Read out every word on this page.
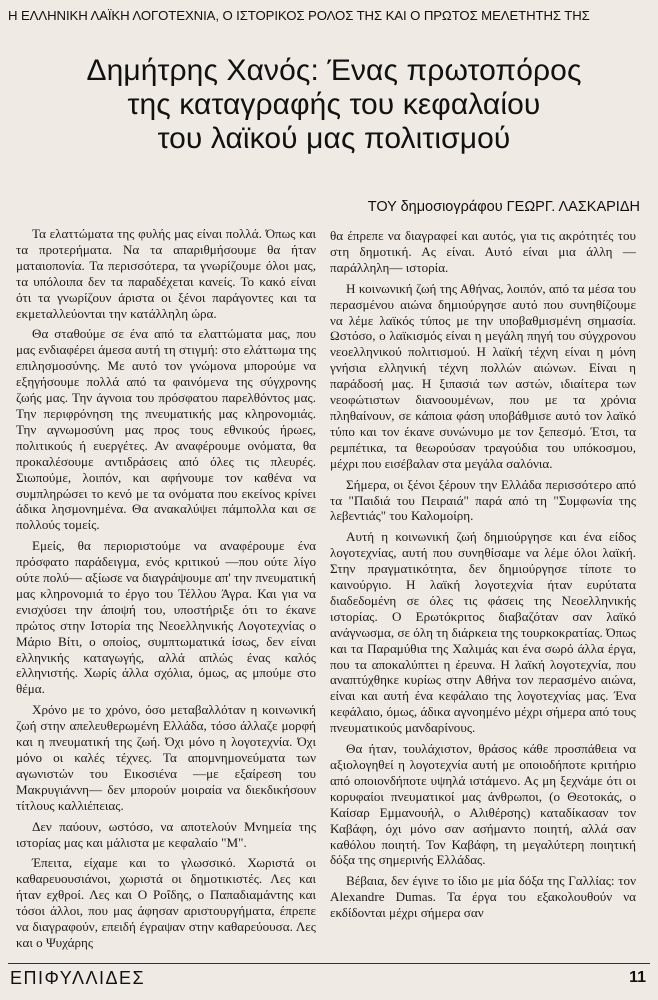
Η ΕΛΛΗΝΙΚΗ ΛΑΪΚΗ ΛΟΓΟΤΕΧΝΙΑ, Ο ΙΣΤΟΡΙΚΟΣ ΡΟΛΟΣ ΤΗΣ ΚΑΙ Ο ΠΡΩΤΟΣ ΜΕΛΕΤΗΤΗΣ ΤΗΣ
Δημήτρης Χανός: Ένας πρωτοπόρος
της καταγραφής του κεφαλαίου
του λαϊκού μας πολιτισμού
ΤΟΥ δημοσιογράφου ΓΕΩΡΓ. ΛΑΣΚΑΡΙΔΗ

Τα ελαττώματα της φυλής μας είναι πολλά. Όπως και τα προτερήματα. Να τα απαριθμήσουμε θα ήταν ματαιοπονία. Τα περισσότερα, τα γνωρίζουμε όλοι μας, τα υπόλοιπα δεν τα παραδέχεται κανείς. Το κακό είναι ότι τα γνωρίζουν άριστα οι ξένοι παράγοντες και τα εκμεταλλεύονται την κατάλληλη ώρα.

Θα σταθούμε σε ένα από τα ελαττώματα μας, που μας ενδιαφέρει άμεσα αυτή τη στιγμή: στο ελάττωμα της επιλησμοσύνης. Με αυτό τον γνώμονα μπορούμε να εξηγήσουμε πολλά από τα φαινόμενα της σύγχρονης ζωής μας. Την άγνοια του πρόσφατου παρελθόντος μας. Την περιφρόνηση της πνευματικής μας κληρονομιάς. Την αγνωμοσύνη μας προς τους εθνικούς ήρωες, πολιτικούς ή ευεργέτες. Αν αναφέρουμε ονόματα, θα προκαλέσουμε αντιδράσεις από όλες τις πλευρές. Σιωπούμε, λοιπόν, και αφήνουμε τον καθένα να συμπληρώσει το κενό με τα ονόματα που εκείνος κρίνει άδικα λησμονημένα. Θα ανακαλύψει πάμπολλα και σε πολλούς τομείς.

Εμείς, θα περιοριστούμε να αναφέρουμε ένα πρόσφατο παράδειγμα, ενός κριτικού —που ούτε λίγο ούτε πολύ— αξίωσε να διαγράψουμε απ' την πνευματική μας κληρονομιά το έργο του Τέλλου Άγρα. Και για να ενισχύσει την άποψή του, υποστήριξε ότι το έκανε πρώτος στην Ιστορία της Νεοελληνικής Λογοτεχνίας ο Μάριο Βίτι, ο οποίος, συμπτωματικά ίσως, δεν είναι ελληνικής καταγωγής, αλλά απλώς ένας καλός ελληνιστής. Χωρίς άλλα σχόλια, όμως, ας μπούμε στο θέμα.

Χρόνο με το χρόνο, όσο μεταβαλλόταν η κοινωνική ζωή στην απελευθερωμένη Ελλάδα, τόσο άλλαζε μορφή και η πνευματική της ζωή. Όχι μόνο η λογοτεχνία. Όχι μόνο οι καλές τέχνες. Τα απομνημονεύματα των αγωνιστών του Εικοσιένα —με εξαίρεση του Μακρυγιάννη— δεν μπορούν μοιραία να διεκδικήσουν τίτλους καλλιέπειας.

Δεν παύουν, ωστόσο, να αποτελούν Μνημεία της ιστορίας μας και μάλιστα με κεφαλαίο "Μ".

Έπειτα, είχαμε και το γλωσσικό. Χωριστά οι καθαρευουσιάνοι, χωριστά οι δημοτικιστές. Λες και ήταν εχθροί. Λες και Ο Ροΐδης, ο Παπαδιαμάντης και τόσοι άλλοι, που μας άφησαν αριστουργήματα, έπρεπε να διαγραφούν, επειδή έγραψαν στην καθαρεύουσα. Λες και ο Ψυχάρης

θα έπρεπε να διαγραφεί και αυτός, για τις ακρότητές του στη δημοτική. Ας είναι. Αυτό είναι μια άλλη —παράλληλη— ιστορία.

Η κοινωνική ζωή της Αθήνας, λοιπόν, από τα μέσα του περασμένου αιώνα δημιούργησε αυτό που συνηθίζουμε να λέμε λαϊκός τύπος με την υποβαθμισμένη σημασία. Ωστόσο, ο λαϊκισμός είναι η μεγάλη πηγή του σύγχρονου νεοελληνικού πολιτισμού. Η λαϊκή τέχνη είναι η μόνη γνήσια ελληνική τέχνη πολλών αιώνων. Είναι η παράδοσή μας. Η ξιπασιά των αστών, ιδιαίτερα των νεοφώτιστων διανοουμένων, που με τα χρόνια πληθαίνουν, σε κάποια φάση υποβάθμισε αυτό τον λαϊκό τύπο και τον έκανε συνώνυμο με τον ξεπεσμό. Έτσι, τα ρεμπέτικα, τα θεωρούσαν τραγούδια του υπόκοσμου, μέχρι που εισέβαλαν στα μεγάλα σαλόνια.

Σήμερα, οι ξένοι ξέρουν την Ελλάδα περισσότερο από τα "Παιδιά του Πειραιά" παρά από τη "Συμφωνία της λεβεντιάς" του Καλομοίρη.

Αυτή η κοινωνική ζωή δημιούργησε και ένα είδος λογοτεχνίας, αυτή που συνηθίσαμε να λέμε όλοι λαϊκή. Στην πραγματικότητα, δεν δημιούργησε τίποτε το καινούργιο. Η λαϊκή λογοτεχνία ήταν ευρύτατα διαδεδομένη σε όλες τις φάσεις της Νεοελληνικής ιστορίας. Ο Ερωτόκριτος διαβαζόταν σαν λαϊκό ανάγνωσμα, σε όλη τη διάρκεια της τουρκοκρατίας. Όπως και τα Παραμύθια της Χαλιμάς και ένα σωρό άλλα έργα, που τα αποκαλύπτει η έρευνα. Η λαϊκή λογοτεχνία, που αναπτύχθηκε κυρίως στην Αθήνα τον περασμένο αιώνα, είναι και αυτή ένα κεφάλαιο της λογοτεχνίας μας. Ένα κεφάλαιο, όμως, άδικα αγνοημένο μέχρι σήμερα από τους πνευματικούς μανδαρίνους.

Θα ήταν, τουλάχιστον, θράσος κάθε προσπάθεια να αξιολογηθεί η λογοτεχνία αυτή με οποιοδήποτε κριτήριο από οποιονδήποτε υψηλά ιστάμενο. Ας μη ξεχνάμε ότι οι κορυφαίοι πνευματικοί μας άνθρωποι, (ο Θεοτοκάς, ο Καίσαρ Εμμανουήλ, ο Αλιθέρσης) καταδίκασαν τον Καβάφη, όχι μόνο σαν ασήμαντο ποιητή, αλλά σαν καθόλου ποιητή. Τον Καβάφη, τη μεγαλύτερη ποιητική δόξα της σημερινής Ελλάδας.

Βέβαια, δεν έγινε το ίδιο με μία δόξα της Γαλλίας: τον Alexandre Dumas. Τα έργα του εξακολουθούν να εκδίδονται μέχρι σήμερα σαν

ΕΠΙΦΥΛΛΙΔΕΣ	11
